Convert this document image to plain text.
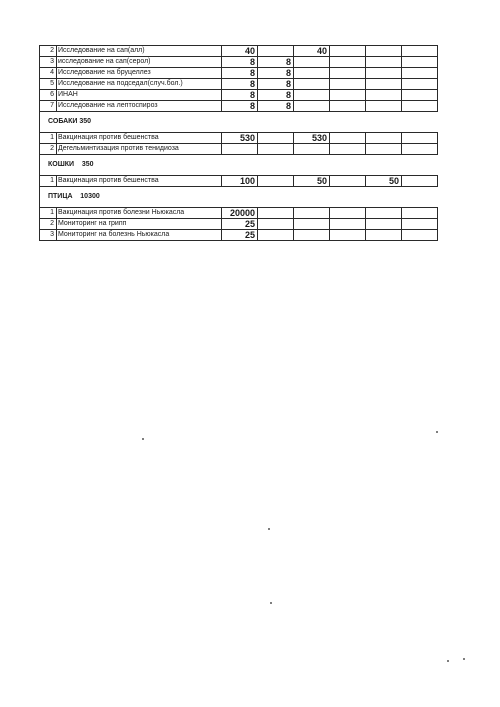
2	Исследование на сап(алл)	40		40			
3	исследование на сап(серол)	8	8				
4	Исследование на бруцеллез	8	8				
5	Исследование на подседал(случ.бол.)	8	8				
6	ИНАН	8	8				
7	Исследование на лептоспироз	8	8				
СОБАКИ 350							
1	Вакцинация против бешенства	530		530			
2	Дегельминтизация против тенидиоза						
КОШКИ    350							
1	Вакцинация против бешенства	100		50		50	
ПТИЦА    10300							
1	Вакцинация против болезни Ньюкасла	20000					
2	Мониторинг на грипп	25					
3	Мониторинг на болезнь Ньюкасла	25					
